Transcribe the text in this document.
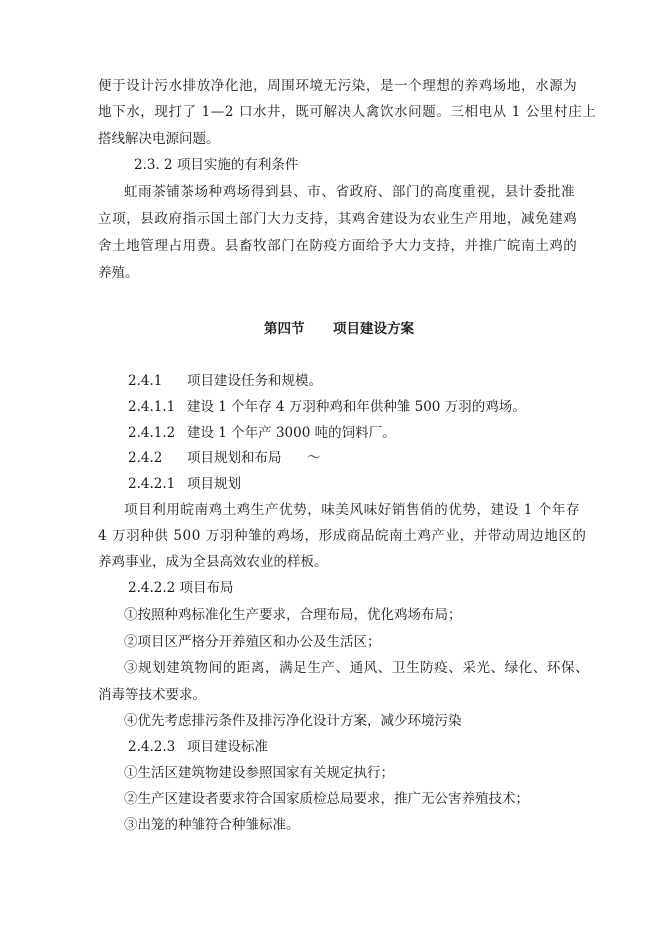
便于设计污水排放净化池，周围环境无污染，是一个理想的养鸡场地，水源为
地下水，现打了 1—2 口水井，既可解决人禽饮水问题。三相电从 1 公里村庄上
搭线解决电源问题。
2.3. 2 项目实施的有利条件
虹雨茶铺茶场种鸡场得到县、市、省政府、部门的高度重视，县计委批准
立项，县政府指示国土部门大力支持，其鸡舍建设为农业生产用地，减免建鸡
舍土地管理占用费。县畜牧部门在防疫方面给予大力支持，并推广皖南土鸡的
养殖。
第四节 项目建设方案
2.4.1 项目建设任务和规模。
2.4.1.1 建设 1 个年存 4 万羽种鸡和年供种雏 500 万羽的鸡场。
2.4.1.2 建设 1 个年产 3000 吨的饲料厂。
2.4.2 项目规划和布局 ～
2.4.2.1 项目规划
项目利用皖南鸡土鸡生产优势，味美风味好销售俏的优势，建设 1 个年存
4 万羽种供 500 万羽种雏的鸡场，形成商品皖南土鸡产业，并带动周边地区的
养鸡事业，成为全县高效农业的样板。
2.4.2.2 项目布局
①按照种鸡标准化生产要求，合理布局，优化鸡场布局；
②项目区严格分开养殖区和办公及生活区；
③规划建筑物间的距离，满足生产、通风、卫生防疫、采光、绿化、环保、
消毒等技术要求。
④优先考虑排污条件及排污净化设计方案，减少环境污染
2.4.2.3 项目建设标准
①生活区建筑物建设参照国家有关规定执行；
②生产区建设者要求符合国家质检总局要求，推广无公害养殖技术；
③出笼的种雏符合种雏标准。
